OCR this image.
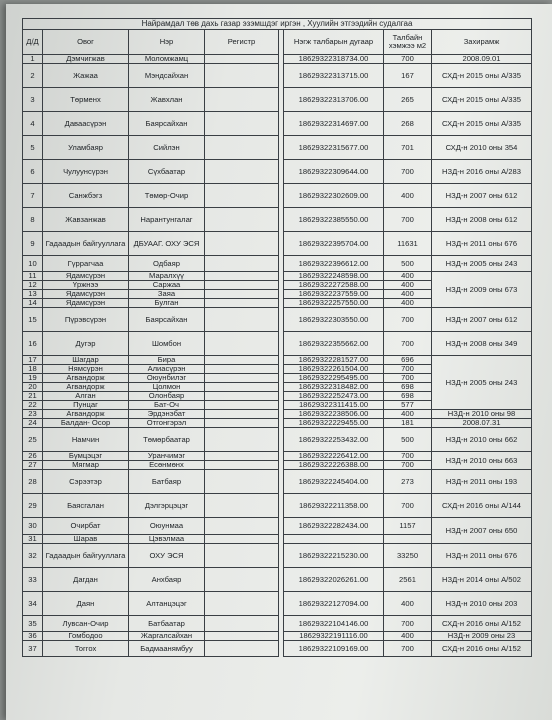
Найрамдал төв дахь газар эзэмшдэг иргэн , Хуулийн этгээдийн судалгаа							
Д/Д	Овог	Нэр	Регистр		Нэгж талбарын дугаар	Талбайн хэмжээ м2	Захирамж
1	Дэмчигжав	Моломжамц			18629322318734.00	700	2008.09.01
2	Жажаа	Мэндсайхан			18629322313715.00	167	СХД-н 2015 оны А/335
3	Төрменх	Жавхлан			18629322313706.00	265	СХД-н 2015 оны А/335
4	Даваасүрэн	Баярсайхан			18629322314697.00	268	СХД-н 2015 оны А/335
5	Уламбаяр	Сийлэн			18629322315677.00	701	СХД-н 2010 оны 354
6	Чулуунсүрэн	Сүхбаатар			18629322309644.00	700	НЗД-н 2016 оны А/283
7	Санжбэгз	Төмөр-Очир			18629322302609.00	400	НЗД-н 2007 оны 612
8	Жавзанжав	Нарантунгалаг			18629322385550.00	700	НЗД-н 2008 оны 612
9	Гадаадын байгууллага	ДБУААГ. ОХУ ЭСЯ			18629322395704.00	11631	НЗД-н 2011 оны 676
10	Гүррагчаа	Одбаяр			18629322396612.00	500	НЗД-н 2005 оны 243
11	Ядамсүрэн	Маралхүү			18629322248598.00	400	НЗД-н 2009 оны 673
12	Үржнээ	Саржаа			18629322272588.00	400	
13	Ядамсүрэн	Заяа			18629322237559.00	400	
14	Ядамсүрэн	Булган			18629322257550.00	400	
15	Пүрэвсүрэн	Баярсайхан			18629322303550.00	700	НЗД-н 2007 оны 612
16	Дугэр	Шомбон			18629322355662.00	700	НЗД-н 2008 оны 349
17	Шагдар	Бира			18629322281527.00	696	НЗД-н 2005 оны 243
18	Нямсүрэн	Алиасүрэн			18629322261504.00	700	
19	Агвандорж	Оюунбилэг			18629322295495.00	700	
20	Агвандорж	Цолмон			18629322318482.00	698	
21	Алган	Олонбаяр			18629322252473.00	698	
22	Пунцаг	Бат-Оч			18629322311415.00	577	
23	Агвандорж	Эрдэнэбат			18629322238506.00	400	НЗД-н 2010 оны 98
24	Балдан- Осор	Отгонгэрэл			18629322229455.00	181	2008.07.31
25	Намчин	Төмөрбаатар			18629322253432.00	500	НЗД-н 2010 оны 662
26	Бүмцэцэг	Уранчимэг			18629322226412.00	700	НЗД-н 2010 оны 663
27	Мягмар	Есөнмөнх			18629322226388.00	700	
28	Сэрээтэр	Батбаяр			18629322245404.00	273	НЗД-н 2011 оны 193
29	Баясгалан	Дэлгэрцэцэг			18629322211358.00	700	СХД-н 2016 оны А/144
30	Очирбат	Оюунмаа			18629322282434.00	1157	НЗД-н 2007 оны 650
31	Шарав	Цэвэлмаа					
32	Гадаадын байгууллага	ОХУ ЭСЯ			18629322215230.00	33250	НЗД-н 2011 оны 676
33	Дагдан	Анхбаяр			18629322026261.00	2561	НЗД-н 2014 оны А/502
34	Даян	Алтанцэцэг			18629322127094.00	400	НЗД-н 2010 оны 203
35	Лувсан-Очир	Батбаатар			18629322104146.00	700	СХД-н 2016 оны А/152
36	Гомбодоо	Жаргалсайхан			18629322191116.00	400	НЗД-н 2009 оны 23
37	Тоггох	Бадмаанямбуу			18629322109169.00	700	СХД-н 2016 оны А/152
